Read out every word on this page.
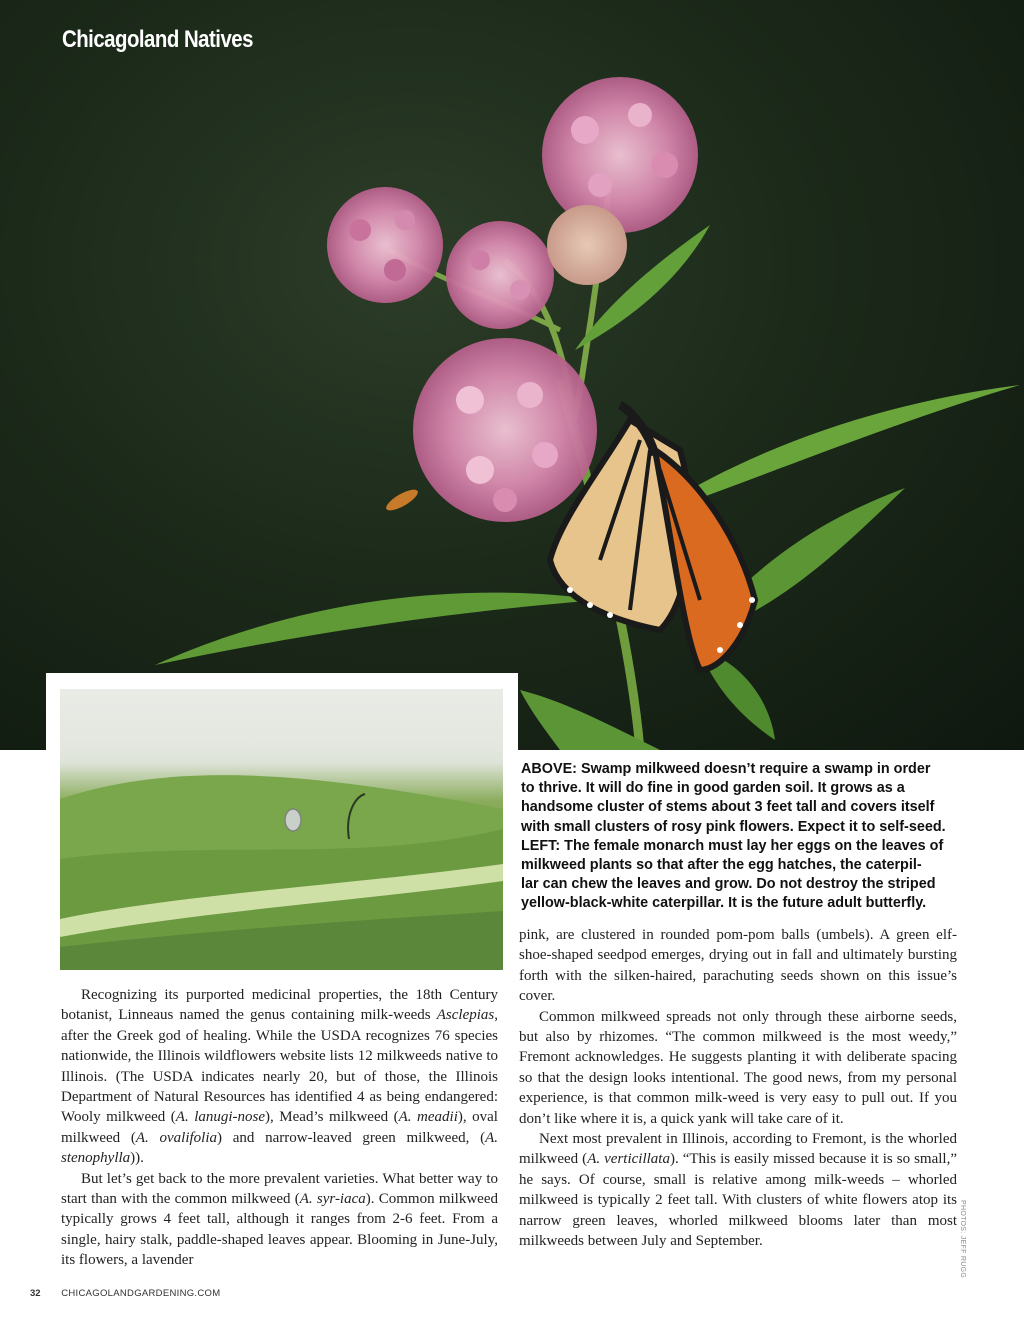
Chicagoland Natives

ABOVE: Swamp milkweed doesn’t require a swamp in order
to thrive. It will do fine in good garden soil. It grows as a
handsome cluster of stems about 3 feet tall and covers itself
with small clusters of rosy pink flowers. Expect it to self-seed.
LEFT: The female monarch must lay her eggs on the leaves of
milkweed plants so that after the egg hatches, the caterpil-
lar can chew the leaves and grow. Do not destroy the striped
yellow-black-white caterpillar. It is the future adult butterfly.

Recognizing its purported medicinal properties, the 18th Century botanist, Linneaus named the genus containing milk-weeds Asclepias, after the Greek god of healing. While the USDA recognizes 76 species nationwide, the Illinois wildflowers website lists 12 milkweeds native to Illinois. (The USDA indicates nearly 20, but of those, the Illinois Department of Natural Resources has identified 4 as being endangered: Wooly milkweed (A. lanugi-nose), Mead’s milkweed (A. meadii), oval milkweed (A. ovalifolia) and narrow-leaved green milkweed, (A. stenophylla)).

But let’s get back to the more prevalent varieties. What better way to start than with the common milkweed (A. syr-iaca). Common milkweed typically grows 4 feet tall, although it ranges from 2-6 feet. From a single, hairy stalk, paddle-shaped leaves appear. Blooming in June-July, its flowers, a lavender

pink, are clustered in rounded pom-pom balls (umbels). A green elf-shoe-shaped seedpod emerges, drying out in fall and ultimately bursting forth with the silken-haired, parachuting seeds shown on this issue’s cover.

Common milkweed spreads not only through these airborne seeds, but also by rhizomes. “The common milkweed is the most weedy,” Fremont acknowledges. He suggests planting it with deliberate spacing so that the design looks intentional. The good news, from my personal experience, is that common milk-weed is very easy to pull out. If you don’t like where it is, a quick yank will take care of it.

Next most prevalent in Illinois, according to Fremont, is the whorled milkweed (A. verticillata). “This is easily missed because it is so small,” he says. Of course, small is relative among milk-weeds – whorled milkweed is typically 2 feet tall. With clusters of white flowers atop its narrow green leaves, whorled milkweed blooms later than most milkweeds between July and September.	PHOTOS: JEFF RUGG
32 CHICAGOLANDGARDENING.COM
